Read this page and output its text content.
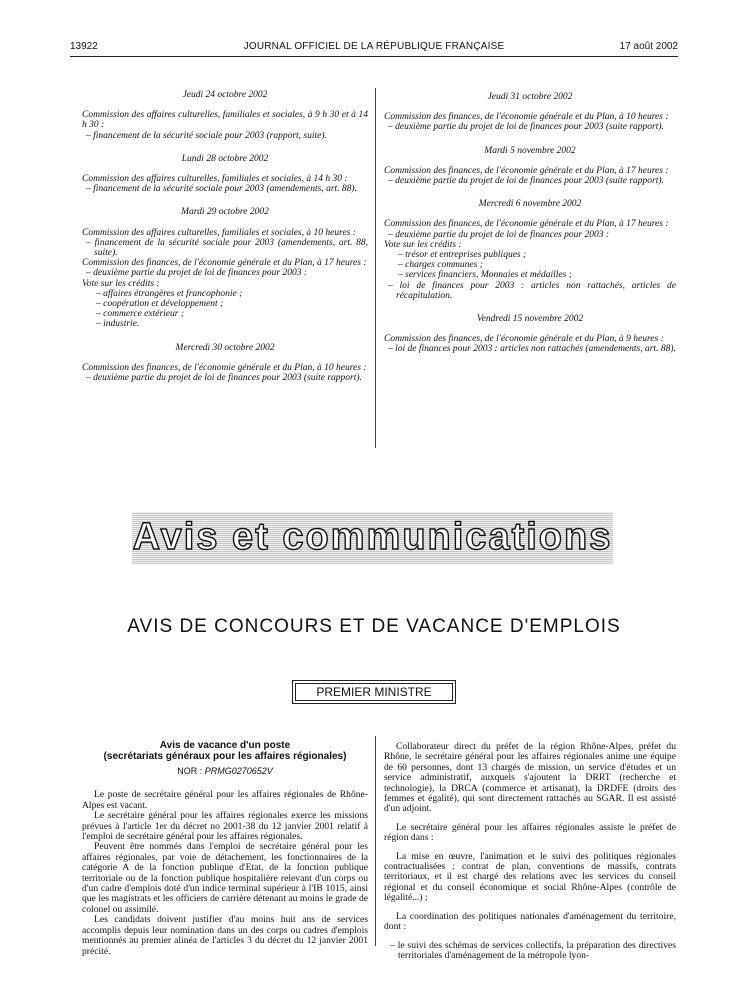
13922	JOURNAL OFFICIEL DE LA RÉPUBLIQUE FRANÇAISE	17 août 2002

Jeudi 24 octobre 2002

Commission des affaires culturelles, familiales et sociales, à 9 h 30 et à 14 h 30 :

– financement de la sécurité sociale pour 2003 (rapport, suite).

Lundi 28 octobre 2002

Commission des affaires culturelles, familiales et sociales, à 14 h 30 :

– financement de la sécurité sociale pour 2003 (amendements, art. 88).

Mardi 29 octobre 2002

Commission des affaires culturelles, familiales et sociales, à 10 heures :

– financement de la sécurité sociale pour 2003 (amendements, art. 88, suite).

Commission des finances, de l'économie générale et du Plan, à 17 heures :

– deuxième partie du projet de loi de finances pour 2003 :

Vote sur les crédits :

– affaires étrangères et francophonie ;

– coopération et développement ;

– commerce extérieur ;

– industrie.

Mercredi 30 octobre 2002

Commission des finances, de l'économie générale et du Plan, à 10 heures :

– deuxième partie du projet de loi de finances pour 2003 (suite rapport).

Jeudi 31 octobre 2002

Commission des finances, de l'économie générale et du Plan, à 10 heures :

– deuxième partie du projet de loi de finances pour 2003 (suite rapport).

Mardi 5 novembre 2002

Commission des finances, de l'économie générale et du Plan, à 17 heures :

– deuxième partie du projet de loi de finances pour 2003 (suite rapport).

Mercredi 6 novembre 2002

Commission des finances, de l'économie générale et du Plan, à 17 heures :

– deuxième partie du projet de loi de finances pour 2003 :

Vote sur les crédits :

– trésor et entreprises publiques ;

– charges communes ;

– services financiers, Monnaies et médailles ;

– loi de finances pour 2003 : articles non rattachés, articles de récapitulation.

Vendredi 15 novembre 2002

Commission des finances, de l'économie générale et du Plan, à 9 heures :

– loi de finances pour 2003 : articles non rattachés (amendements, art. 88).

Avis et communications
AVIS DE CONCOURS ET DE VACANCE D'EMPLOIS
PREMIER MINISTRE
Avis de vacance d'un poste
(secrétariats généraux pour les affaires régionales)
NOR : PRMG0270652V

Le poste de secrétaire général pour les affaires régionales de Rhône-Alpes est vacant.

Le secrétaire général pour les affaires régionales exerce les missions prévues à l'article 1er du décret no 2001-38 du 12 janvier 2001 relatif à l'emploi de secrétaire général pour les affaires régionales.

Peuvent être nommés dans l'emploi de secrétaire général pour les affaires régionales, par voie de détachement, les fonctionnaires de la catégorie A de la fonction publique d'Etat, de la fonction publique territoriale ou de la fonction publique hospitalière relevant d'un corps ou d'un cadre d'emplois doté d'un indice terminal supérieur à l'IB 1015, ainsi que les magistrats et les officiers de carrière détenant au moins le grade de colonel ou assimilé.

Les candidats doivent justifier d'au moins huit ans de services accomplis depuis leur nomination dans un des corps ou cadres d'emplois mentionnés au premier alinéa de l'articles 3 du décret du 12 janvier 2001 précité.

Collaborateur direct du préfet de la région Rhône-Alpes, préfet du Rhône, le secrétaire général pour les affaires régionales anime une équipe de 60 personnes, dont 13 chargés de mission, un service d'études et un service administratif, auxquels s'ajoutent la DRRT (recherche et technologie), la DRCA (commerce et artisanat), la DRDFE (droits des femmes et égalité), qui sont directement rattachés au SGAR. Il est assisté d'un adjoint.

Le secrétaire général pour les affaires régionales assiste le préfet de région dans :

La mise en œuvre, l'animation et le suivi des politiques régionales contractualisées : contrat de plan, conventions de massifs, contrats territoriaux, et il est chargé des relations avec les services du conseil régional et du conseil économique et social Rhône-Alpes (contrôle de légalité...) ;

La coordination des politiques nationales d'aménagement du territoire, dont :

– le suivi des schémas de services collectifs, la préparation des directives territoriales d'aménagement de la métropole lyon-
